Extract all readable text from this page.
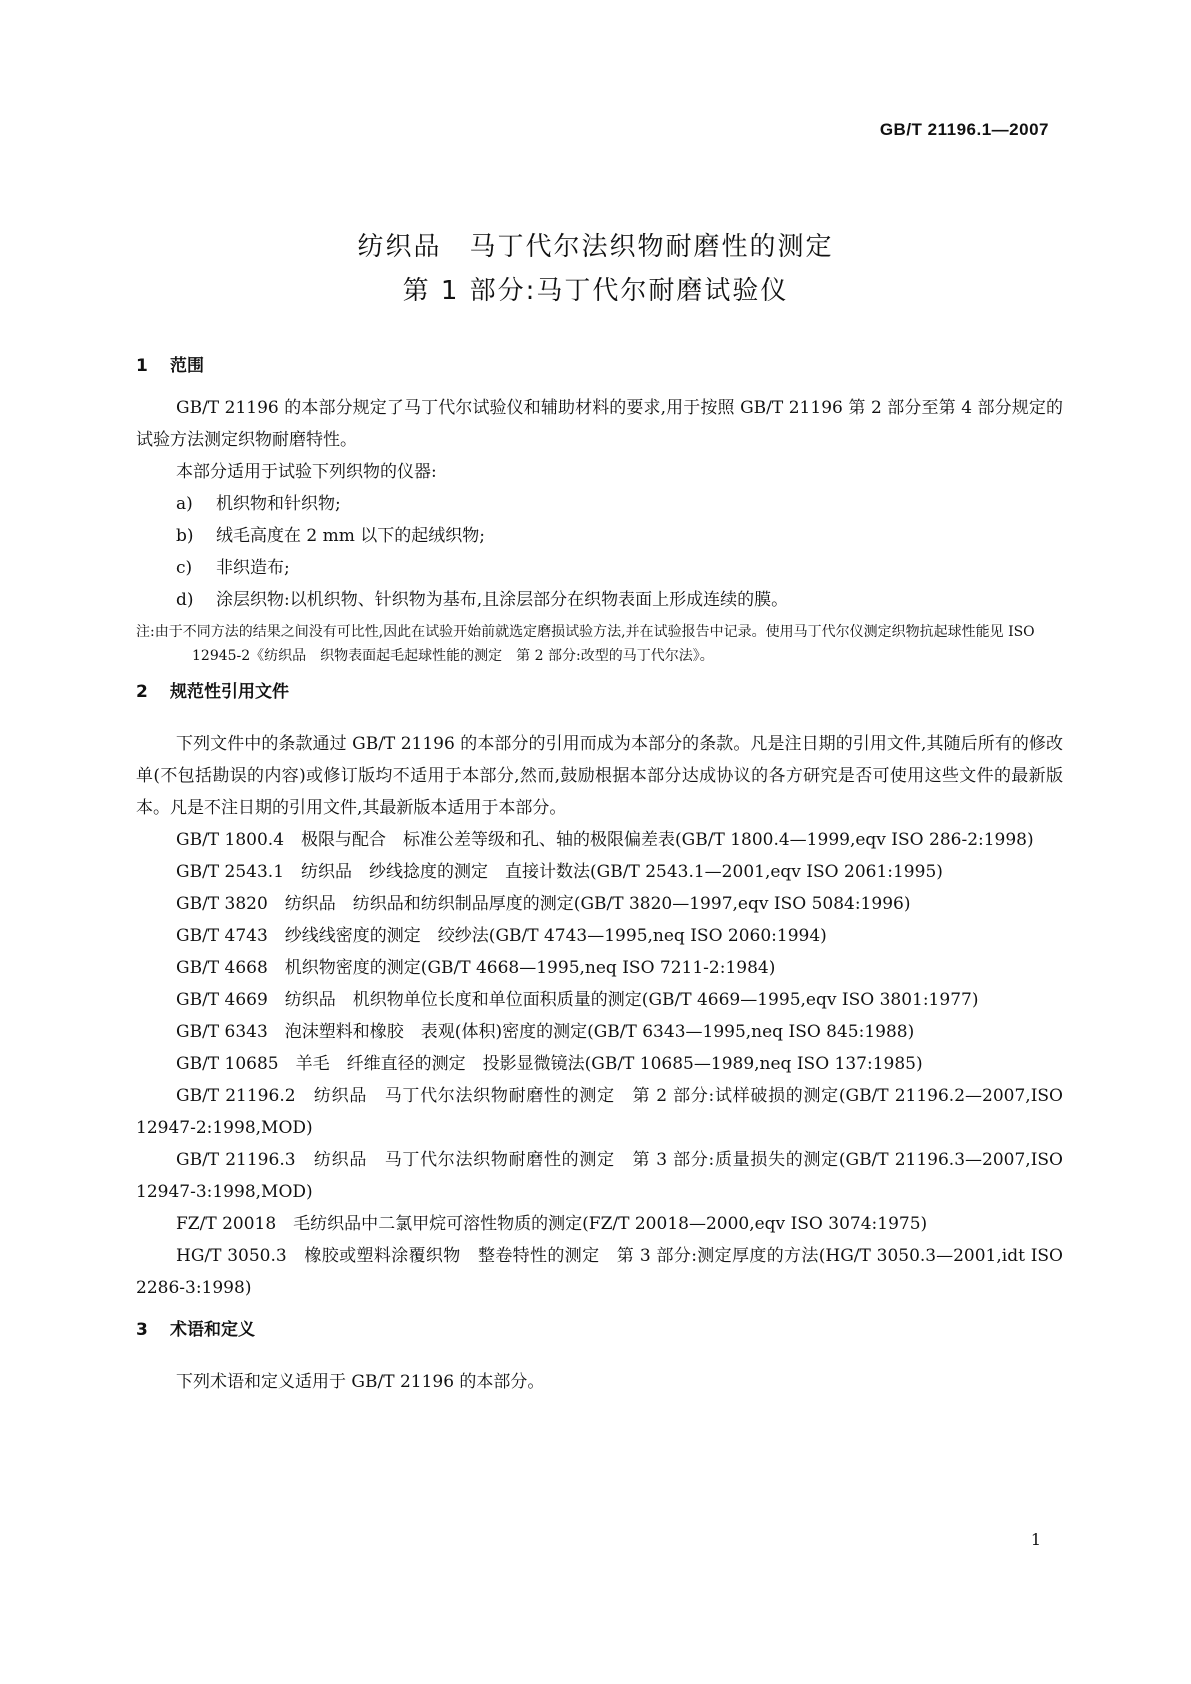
GB/T 21196.1—2007
纺织品　马丁代尔法织物耐磨性的测定
第 1 部分:马丁代尔耐磨试验仪
1 范围

GB/T 21196 的本部分规定了马丁代尔试验仪和辅助材料的要求,用于按照 GB/T 21196 第 2 部分至第 4 部分规定的试验方法测定织物耐磨特性。

本部分适用于试验下列织物的仪器:

a) 机织物和针织物;

b) 绒毛高度在 2 mm 以下的起绒织物;

c) 非织造布;

d) 涂层织物:以机织物、针织物为基布,且涂层部分在织物表面上形成连续的膜。

注:由于不同方法的结果之间没有可比性,因此在试验开始前就选定磨损试验方法,并在试验报告中记录。使用马丁代尔仪测定织物抗起球性能见 ISO 12945-2《纺织品　织物表面起毛起球性能的测定　第 2 部分:改型的马丁代尔法》。

2 规范性引用文件

下列文件中的条款通过 GB/T 21196 的本部分的引用而成为本部分的条款。凡是注日期的引用文件,其随后所有的修改单(不包括勘误的内容)或修订版均不适用于本部分,然而,鼓励根据本部分达成协议的各方研究是否可使用这些文件的最新版本。凡是不注日期的引用文件,其最新版本适用于本部分。

GB/T 1800.4　极限与配合　标准公差等级和孔、轴的极限偏差表(GB/T 1800.4—1999,eqv ISO 286-2:1998)

GB/T 2543.1　纺织品　纱线捻度的测定　直接计数法(GB/T 2543.1—2001,eqv ISO 2061:1995)

GB/T 3820　纺织品　纺织品和纺织制品厚度的测定(GB/T 3820—1997,eqv ISO 5084:1996)

GB/T 4743　纱线线密度的测定　绞纱法(GB/T 4743—1995,neq ISO 2060:1994)

GB/T 4668　机织物密度的测定(GB/T 4668—1995,neq ISO 7211-2:1984)

GB/T 4669　纺织品　机织物单位长度和单位面积质量的测定(GB/T 4669—1995,eqv ISO 3801:1977)

GB/T 6343　泡沫塑料和橡胶　表观(体积)密度的测定(GB/T 6343—1995,neq ISO 845:1988)

GB/T 10685　羊毛　纤维直径的测定　投影显微镜法(GB/T 10685—1989,neq ISO 137:1985)

GB/T 21196.2　纺织品　马丁代尔法织物耐磨性的测定　第 2 部分:试样破损的测定(GB/T 21196.2—2007,ISO 12947-2:1998,MOD)

GB/T 21196.3　纺织品　马丁代尔法织物耐磨性的测定　第 3 部分:质量损失的测定(GB/T 21196.3—2007,ISO 12947-3:1998,MOD)

FZ/T 20018　毛纺织品中二氯甲烷可溶性物质的测定(FZ/T 20018—2000,eqv ISO 3074:1975)

HG/T 3050.3　橡胶或塑料涂覆织物　整卷特性的测定　第 3 部分:测定厚度的方法(HG/T 3050.3—2001,idt ISO 2286-3:1998)

3 术语和定义

下列术语和定义适用于 GB/T 21196 的本部分。

1
